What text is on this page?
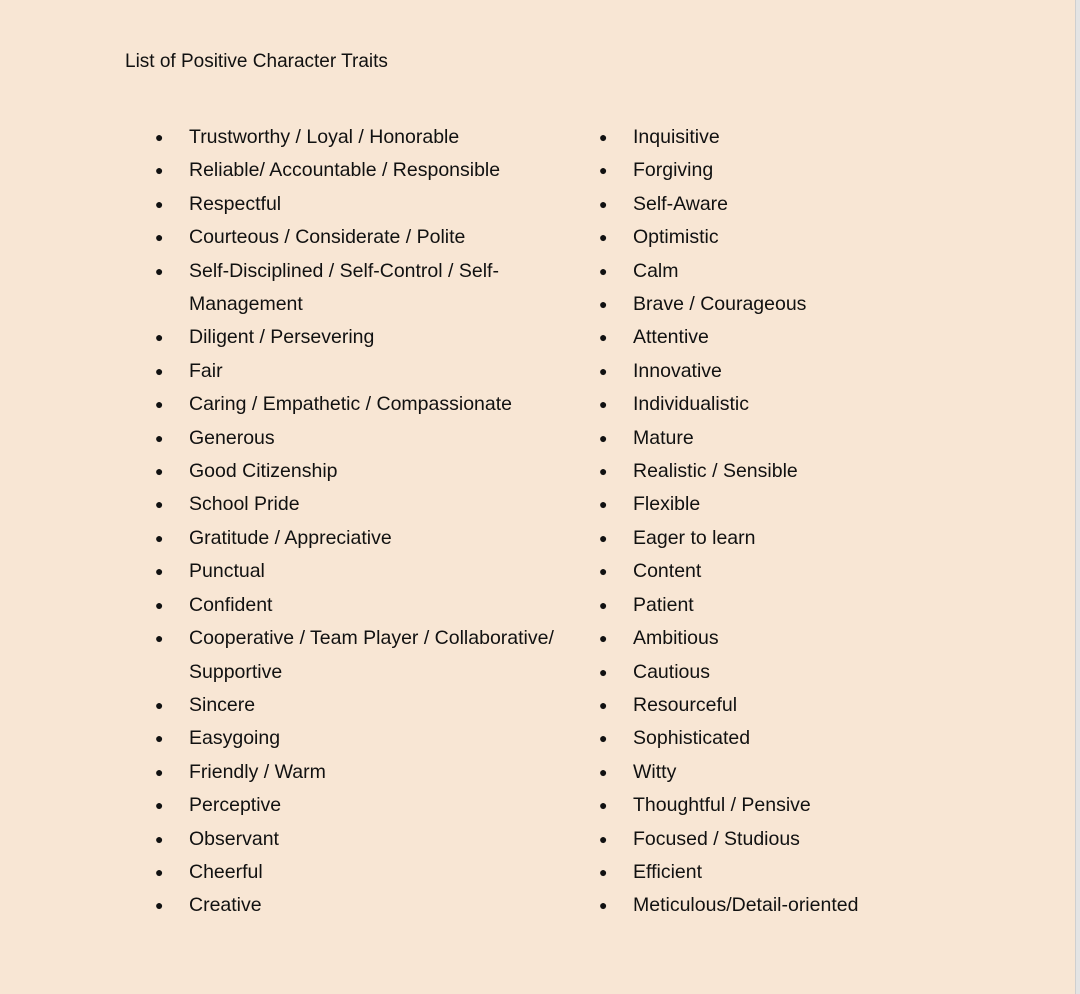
List of Positive Character Traits
●	Trustworthy / Loyal / Honorable
●	Reliable/ Accountable / Responsible
●	Respectful
●	Courteous / Considerate / Polite
●	Self-Disciplined / Self-Control / Self-Management
●	Diligent / Persevering
●	Fair
●	Caring / Empathetic / Compassionate
●	Generous
●	Good Citizenship
●	School Pride
●	Gratitude / Appreciative
●	Punctual
●	Confident
●	Cooperative / Team Player / Collaborative/ Supportive
●	Sincere
●	Easygoing
●	Friendly / Warm
●	Perceptive
●	Observant
●	Cheerful
●	Creative
●	Inquisitive
●	Forgiving
●	Self-Aware
●	Optimistic
●	Calm
●	Brave / Courageous
●	Attentive
●	Innovative
●	Individualistic
●	Mature
●	Realistic / Sensible
●	Flexible
●	Eager to learn
●	Content
●	Patient
●	Ambitious
●	Cautious
●	Resourceful
●	Sophisticated
●	Witty
●	Thoughtful / Pensive
●	Focused / Studious
●	Efficient
●	Meticulous/Detail-oriented
